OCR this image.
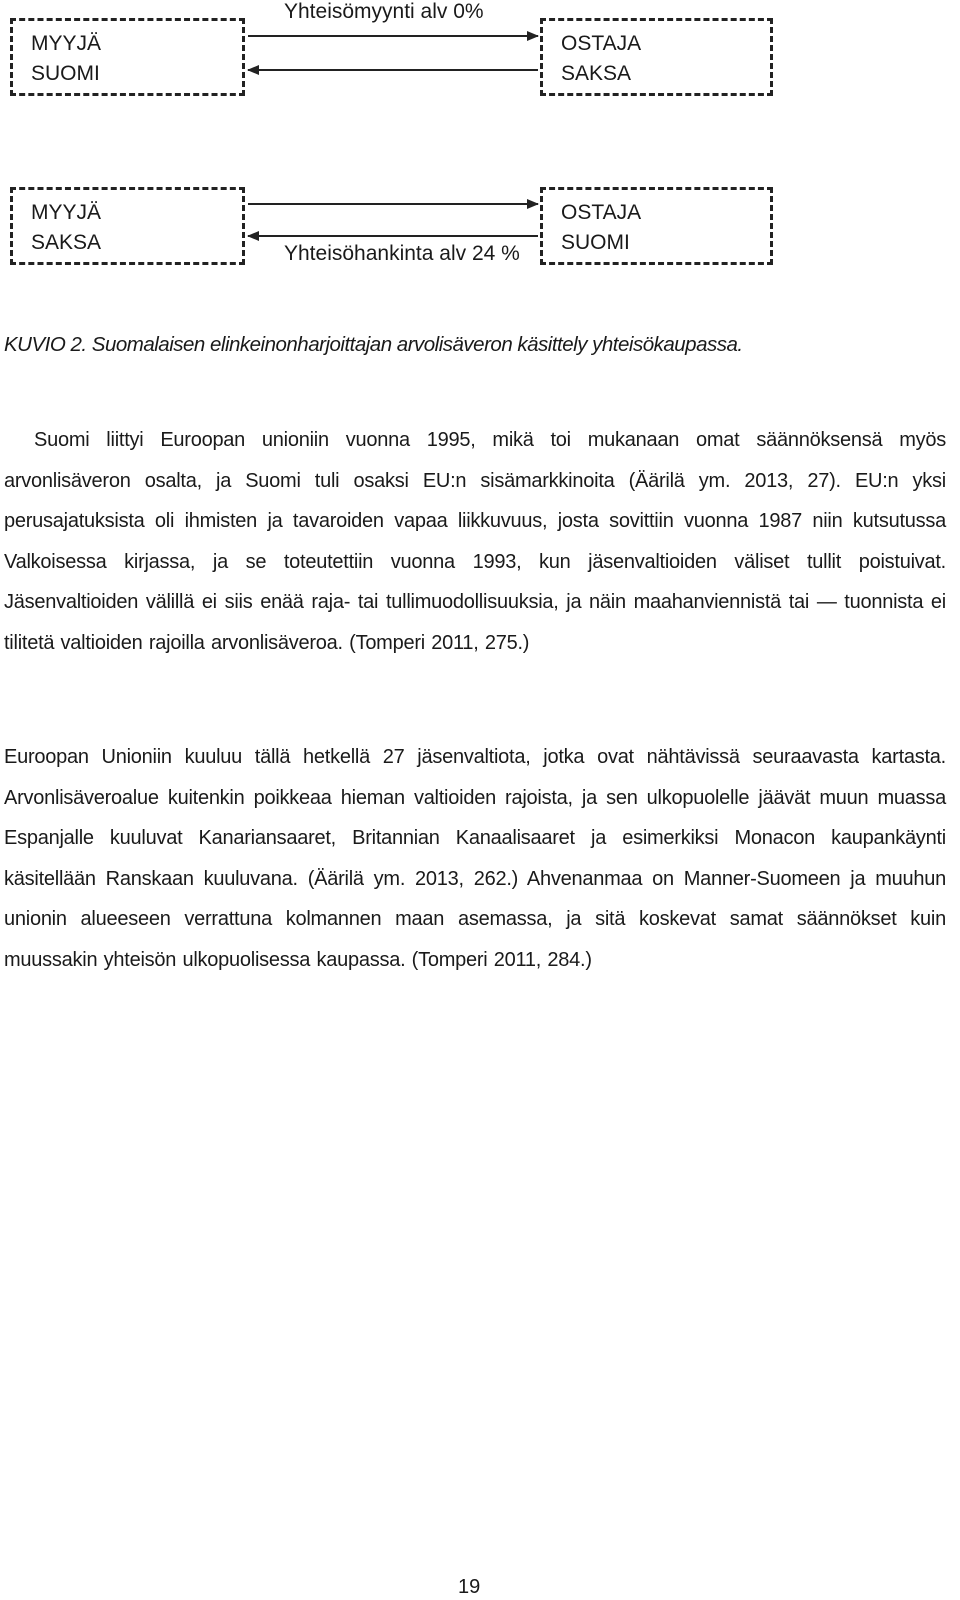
MYYJÄ
SUOMI
OSTAJA
SAKSA
Yhteisömyynti alv 0%
MYYJÄ
SAKSA
OSTAJA
SUOMI
Yhteisöhankinta alv 24 %
KUVIO 2. Suomalaisen elinkeinonharjoittajan arvolisäveron käsittely yhteisökaupassa.

Suomi liittyi Euroopan unioniin vuonna 1995, mikä toi mukanaan omat säännöksensä myös arvonlisäveron osalta, ja Suomi tuli osaksi EU:n sisämarkkinoita (Äärilä ym. 2013, 27). EU:n yksi perusajatuksista oli ihmisten ja tavaroiden vapaa liikkuvuus, josta sovittiin vuonna 1987 niin kutsutussa Valkoisessa kirjassa, ja se toteutettiin vuonna 1993, kun jäsenvaltioiden väliset tullit poistuivat. Jäsenvaltioiden välillä ei siis enää raja- tai tullimuodollisuuksia, ja näin maahanviennistä tai — tuonnista ei tilitetä valtioiden rajoilla arvonlisäveroa. (Tomperi 2011, 275.)

Euroopan Unioniin kuuluu tällä hetkellä 27 jäsenvaltiota, jotka ovat nähtävissä seuraavasta kartasta. Arvonlisäveroalue kuitenkin poikkeaa hieman valtioiden rajoista, ja sen ulkopuolelle jäävät muun muassa Espanjalle kuuluvat Kanariansaaret, Britannian Kanaalisaaret ja esimerkiksi Monacon kaupankäynti käsitellään Ranskaan kuuluvana. (Äärilä ym. 2013, 262.) Ahvenanmaa on Manner-Suomeen ja muuhun unionin alueeseen verrattuna kolmannen maan asemassa, ja sitä koskevat samat säännökset kuin muussakin yhteisön ulkopuolisessa kaupassa. (Tomperi 2011, 284.)

19
